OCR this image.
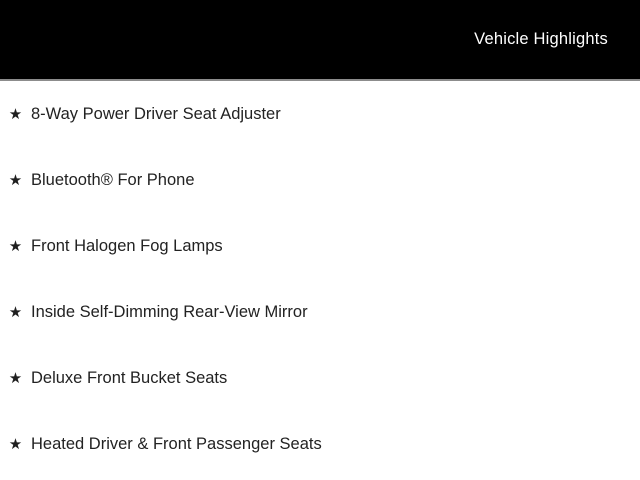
Vehicle Highlights
★ 8-Way Power Driver Seat Adjuster
★ Bluetooth® For Phone
★ Front Halogen Fog Lamps
★ Inside Self-Dimming Rear-View Mirror
★ Deluxe Front Bucket Seats
★ Heated Driver & Front Passenger Seats
